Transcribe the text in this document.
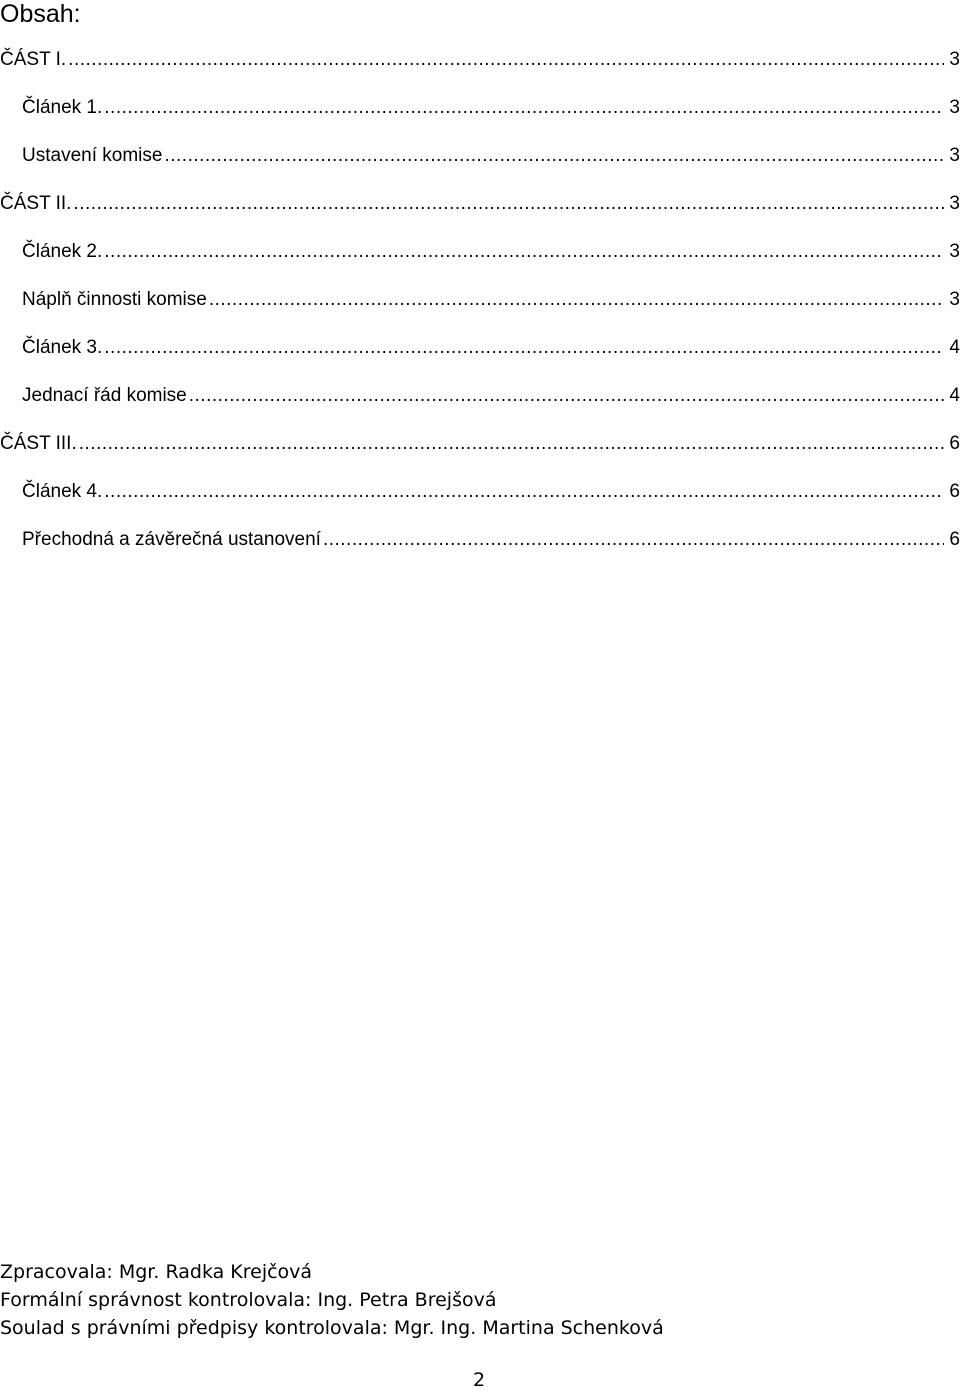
Obsah:
ČÁST I. .....	3
Článek 1. .....	3
Ustavení komise .....	3
ČÁST II. .....	3
Článek 2. .....	3
Náplň činnosti komise .....	3
Článek 3. .....	4
Jednací řád komise .....	4
ČÁST III. .....	6
Článek 4. .....	6
Přechodná a závěrečná ustanovení .....	6
Zpracovala: Mgr. Radka Krejčová
Formální správnost kontrolovala: Ing. Petra Brejšová
Soulad s právními předpisy kontrolovala: Mgr. Ing. Martina Schenková
2
